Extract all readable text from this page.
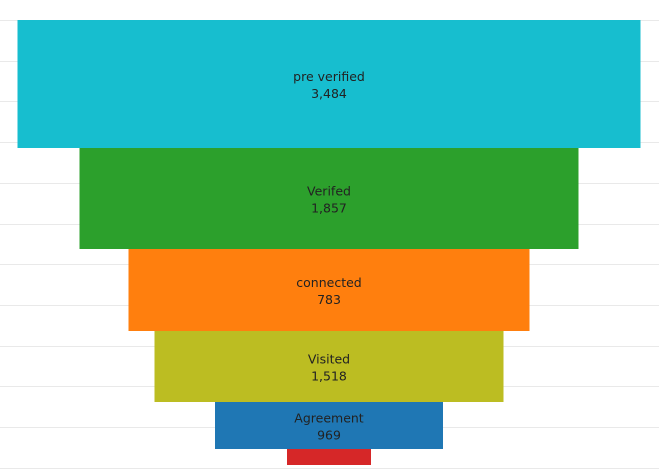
pre verified
3,484
Verifed
1,857
connected
783
Visited
1,518
Agreement
969
